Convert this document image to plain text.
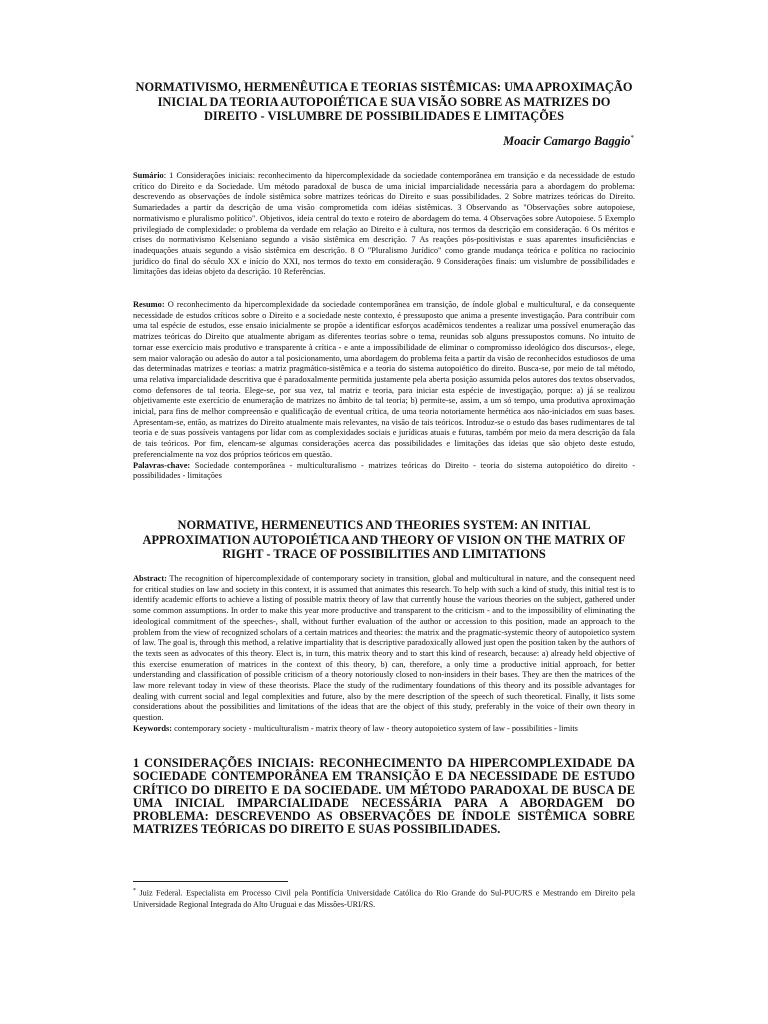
NORMATIVISMO, HERMENÊUTICA E TEORIAS SISTÊMICAS: UMA APROXIMAÇÃO INICIAL DA TEORIA AUTOPOIÉTICA E SUA VISÃO SOBRE AS MATRIZES DO DIREITO - VISLUMBRE DE POSSIBILIDADES E LIMITAÇÕES

Moacir Camargo Baggio*

Sumário: 1 Considerações iniciais: reconhecimento da hipercomplexidade da sociedade contemporânea em transição e da necessidade de estudo crítico do Direito e da Sociedade. Um método paradoxal de busca de uma inicial imparcialidade necessária para a abordagem do problema: descrevendo as observações de índole sistêmica sobre matrizes teóricas do Direito e suas possibilidades. 2 Sobre matrizes teóricas do Direito. Sumariedades a partir da descrição de uma visão comprometida com idéias sistêmicas. 3 Observando as "Observações sobre autopoiese, normativismo e pluralismo político". Objetivos, ideia central do texto e roteiro de abordagem do tema. 4 Observações sobre Autopoiese. 5 Exemplo privilegiado de complexidade: o problema da verdade em relação ao Direito e à cultura, nos termos da descrição em consideração. 6 Os méritos e crises do normativismo Kelseniano segundo a visão sistêmica em descrição. 7 As reações pós-positivistas e suas aparentes insuficiências e inadequações atuais segundo a visão sistêmica em descrição. 8 O "Pluralismo Jurídico" como grande mudança teórica e política no raciocínio jurídico do final do século XX e início do XXI, nos termos do texto em consideração. 9 Considerações finais: um vislumbre de possibilidades e limitações das ideias objeto da descrição. 10 Referências.

Resumo: O reconhecimento da hipercomplexidade da sociedade contemporânea em transição, de índole global e multicultural, e da consequente necessidade de estudos críticos sobre o Direito e a sociedade neste contexto, é pressuposto que anima a presente investigação. Para contribuir com uma tal espécie de estudos, esse ensaio inicialmente se propõe a identificar esforços acadêmicos tendentes a realizar uma possível enumeração das matrizes teóricas do Direito que atualmente abrigam as diferentes teorias sobre o tema, reunidas sob alguns pressupostos comuns. No intuito de tornar esse exercício mais produtivo e transparente à crítica - e ante a impossibilidade de eliminar o compromisso ideológico dos discursos-, elege, sem maior valoração ou adesão do autor a tal posicionamento, uma abordagem do problema feita a partir da visão de reconhecidos estudiosos de uma das determinadas matrizes e teorias: a matriz pragmático-sistêmica e a teoria do sistema autopoiético do direito. Busca-se, por meio de tal método, uma relativa imparcialidade descritiva que é paradoxalmente permitida justamente pela aberta posição assumida pelos autores dos textos observados, como defensores de tal teoria. Elege-se, por sua vez, tal matriz e teoria, para iniciar esta espécie de investigação, porque: a) já se realizou objetivamente este exercício de enumeração de matrizes no âmbito de tal teoria; b) permite-se, assim, a um só tempo, uma produtiva aproximação inicial, para fins de melhor compreensão e qualificação de eventual crítica, de uma teoria notoriamente hermética aos não-iniciados em suas bases. Apresentam-se, então, as matrizes do Direito atualmente mais relevantes, na visão de tais teóricos. Introduz-se o estudo das bases rudimentares de tal teoria e de suas possíveis vantagens por lidar com as complexidades sociais e jurídicas atuais e futuras, também por meio da mera descrição da fala de tais teóricos. Por fim, elencam-se algumas considerações acerca das possibilidades e limitações das ideias que são objeto deste estudo, preferencialmente na voz dos próprios teóricos em questão.

Palavras-chave: Sociedade contemporânea - multiculturalismo - matrizes teóricas do Direito - teoria do sistema autopoiético do direito - possibilidades - limitações

NORMATIVE, HERMENEUTICS AND THEORIES SYSTEM: AN INITIAL APPROXIMATION AUTOPOIÉTICA AND THEORY OF VISION ON THE MATRIX OF RIGHT - TRACE OF POSSIBILITIES AND LIMITATIONS

Abstract: The recognition of hipercomplexidade of contemporary society in transition, global and multicultural in nature, and the consequent need for critical studies on law and society in this context, it is assumed that animates this research. To help with such a kind of study, this initial test is to identify academic efforts to achieve a listing of possible matrix theory of law that currently house the various theories on the subject, gathered under some common assumptions. In order to make this year more productive and transparent to the criticism - and to the impossibility of eliminating the ideological commitment of the speeches-, shall, without further evaluation of the author or accession to this position, made an approach to the problem from the view of recognized scholars of a certain matrices and theories: the matrix and the pragmatic-systemic theory of autopoietico system of law. The goal is, through this method, a relative impartiality that is descriptive paradoxically allowed just open the position taken by the authors of the texts seen as advocates of this theory. Elect is, in turn, this matrix theory and to start this kind of research, because: a) already held objective of this exercise enumeration of matrices in the context of this theory, b) can, therefore, a only time a productive initial approach, for better understanding and classification of possible criticism of a theory notoriously closed to non-insiders in their bases. They are then the matrices of the law more relevant today in view of these theorists. Place the study of the rudimentary foundations of this theory and its possible advantages for dealing with current social and legal complexities and future, also by the mere description of the speech of such theoretical. Finally, it lists some considerations about the possibilities and limitations of the ideas that are the object of this study, preferably in the voice of their own theory in question.

Keywords: contemporary society - multiculturalism - matrix theory of law - theory autopoietico system of law - possibilities - limits

1 CONSIDERAÇÕES INICIAIS: RECONHECIMENTO DA HIPERCOMPLEXIDADE DA SOCIEDADE CONTEMPORÂNEA EM TRANSIÇÃO E DA NECESSIDADE DE ESTUDO CRÍTICO DO DIREITO E DA SOCIEDADE. UM MÉTODO PARADOXAL DE BUSCA DE UMA INICIAL IMPARCIALIDADE NECESSÁRIA PARA A ABORDAGEM DO PROBLEMA: DESCREVENDO AS OBSERVAÇÕES DE ÍNDOLE SISTÊMICA SOBRE MATRIZES TEÓRICAS DO DIREITO E SUAS POSSIBILIDADES.

* Juiz Federal. Especialista em Processo Civil pela Pontifícia Universidade Católica do Rio Grande do Sul-PUC/RS e Mestrando em Direito pela Universidade Regional Integrada do Alto Uruguai e das Missões-URI/RS.
